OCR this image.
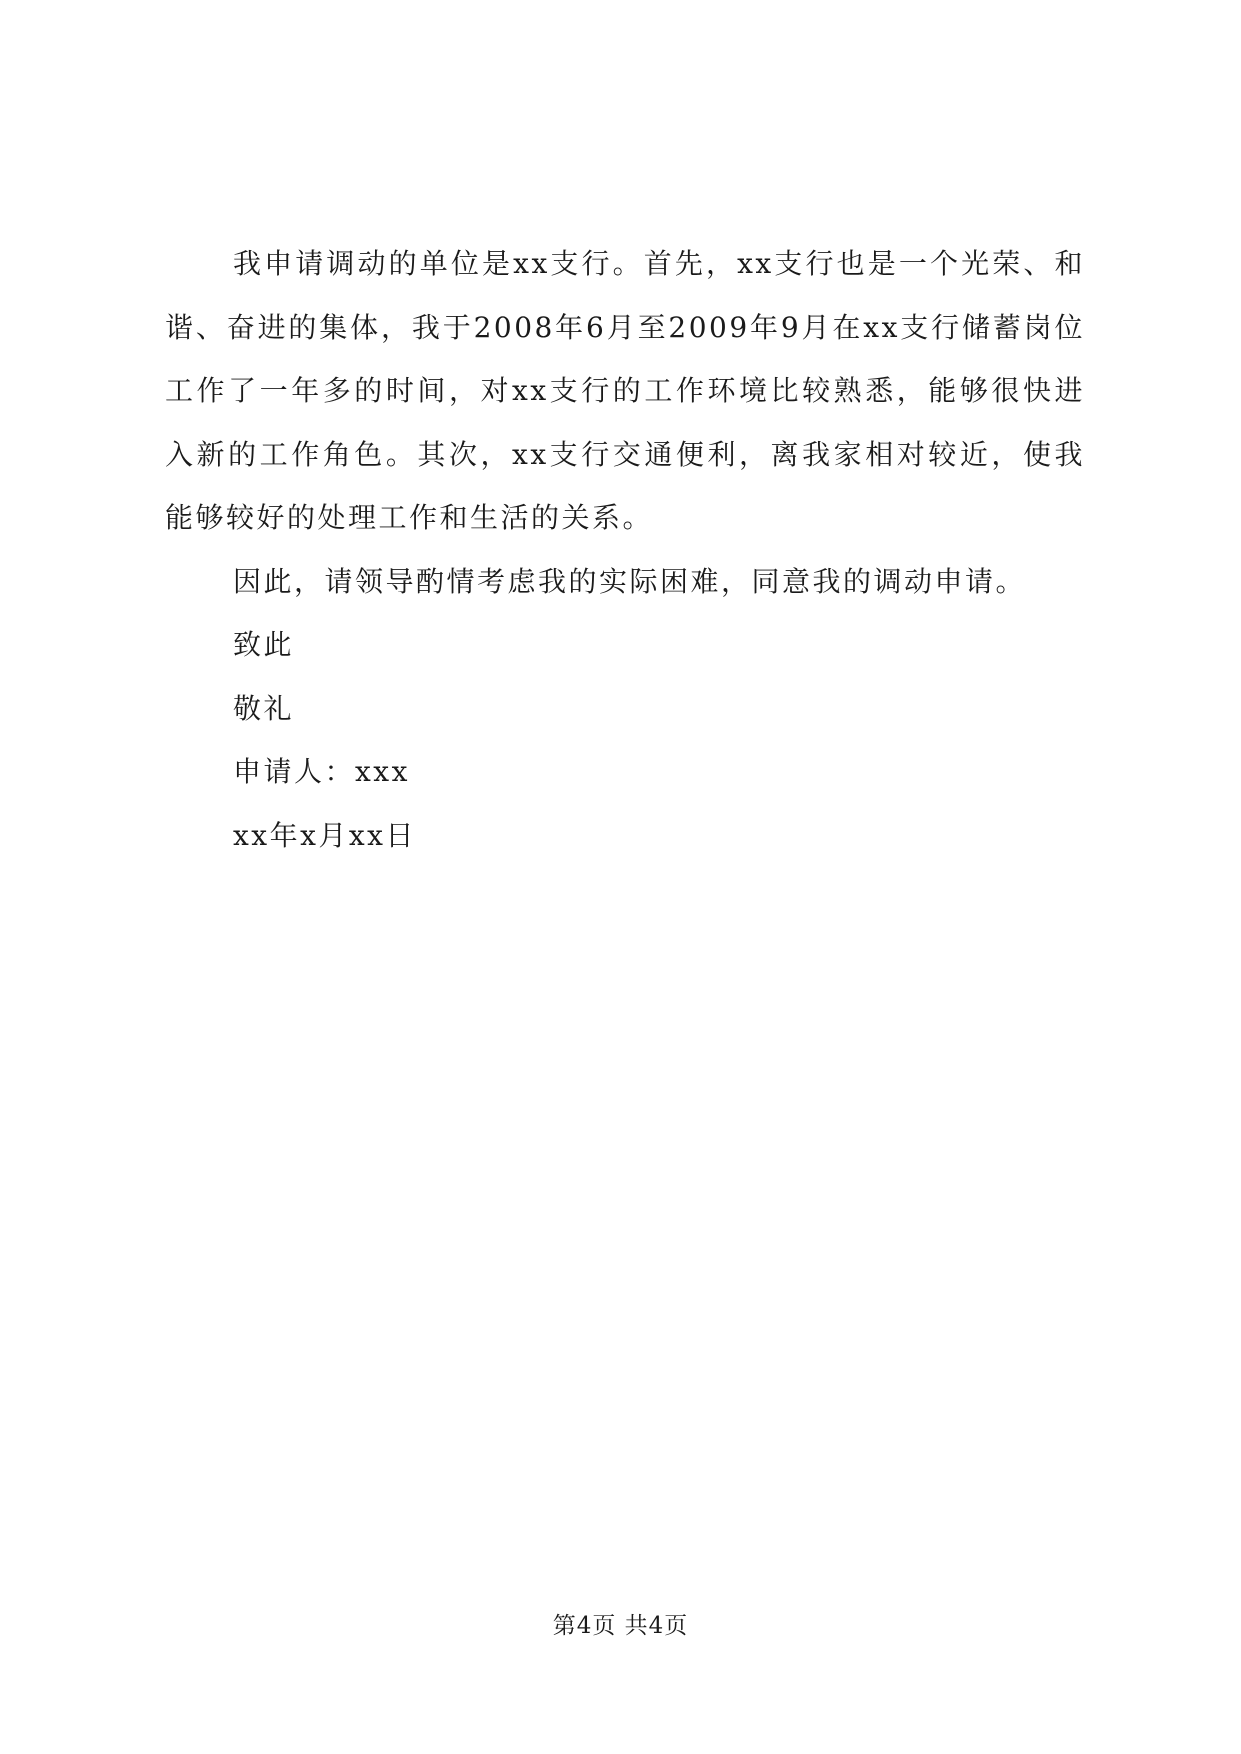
我申请调动的单位是xx支行。首先，xx支行也是一个光荣、和谐、奋进的集体，我于2008年6月至2009年9月在xx支行储蓄岗位工作了一年多的时间，对xx支行的工作环境比较熟悉，能够很快进入新的工作角色。其次，xx支行交通便利，离我家相对较近，使我能够较好的处理工作和生活的关系。

因此，请领导酌情考虑我的实际困难，同意我的调动申请。

致此

敬礼

申请人：xxx

xx年x月xx日

第4页 共4页
